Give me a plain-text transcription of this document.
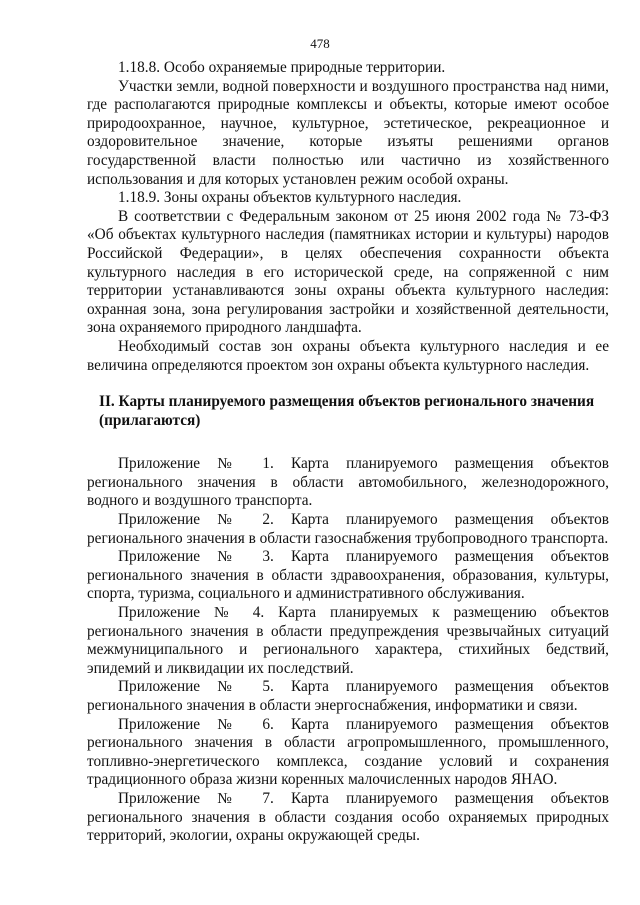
478

1.18.8. Особо охраняемые природные территории.

Участки земли, водной поверхности и воздушного пространства над ними, где располагаются природные комплексы и объекты, которые имеют особое природоохранное, научное, культурное, эстетическое, рекреационное и оздоровительное значение, которые изъяты решениями органов государственной власти полностью или частично из хозяйственного использования и для которых установлен режим особой охраны.

1.18.9. Зоны охраны объектов культурного наследия.

В соответствии с Федеральным законом от 25 июня 2002 года № 73-ФЗ «Об объектах культурного наследия (памятниках истории и культуры) народов Российской Федерации», в целях обеспечения сохранности объекта культурного наследия в его исторической среде, на сопряженной с ним территории устанавливаются зоны охраны объекта культурного наследия: охранная зона, зона регулирования застройки и хозяйственной деятельности, зона охраняемого природного ландшафта.

Необходимый состав зон охраны объекта культурного наследия и ее величина определяются проектом зон охраны объекта культурного наследия.

II. Карты планируемого размещения объектов регионального значения
(прилагаются)

Приложение № 1. Карта планируемого размещения объектов регионального значения в области автомобильного, железнодорожного, водного и воздушного транспорта.

Приложение № 2. Карта планируемого размещения объектов регионального значения в области газоснабжения трубопроводного транспорта.

Приложение № 3. Карта планируемого размещения объектов регионального значения в области здравоохранения, образования, культуры, спорта, туризма, социального и административного обслуживания.

Приложение № 4. Карта планируемых к размещению объектов регионального значения в области предупреждения чрезвычайных ситуаций межмуниципального и регионального характера, стихийных бедствий, эпидемий и ликвидации их последствий.

Приложение № 5. Карта планируемого размещения объектов регионального значения в области энергоснабжения, информатики и связи.

Приложение № 6. Карта планируемого размещения объектов регионального значения в области агропромышленного, промышленного, топливно-энергетического комплекса, создание условий и сохранения традиционного образа жизни коренных малочисленных народов ЯНАО.

Приложение № 7. Карта планируемого размещения объектов регионального значения в области создания особо охраняемых природных территорий, экологии, охраны окружающей среды.
